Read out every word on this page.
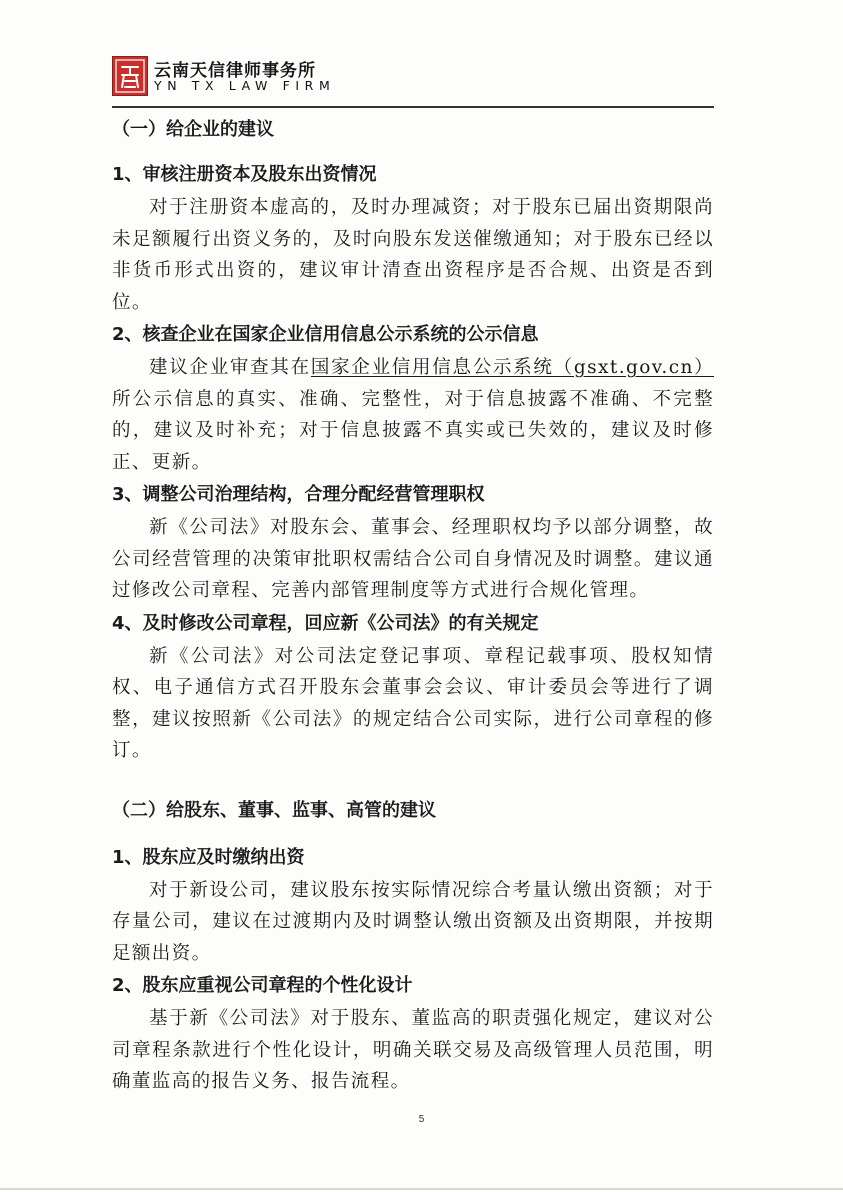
云南天信律师事务所
YN TX LAW FIRM
（一）给企业的建议
1、审核注册资本及股东出资情况

对于注册资本虚高的，及时办理减资；对于股东已届出资期限尚未足额履行出资义务的，及时向股东发送催缴通知；对于股东已经以非货币形式出资的，建议审计清查出资程序是否合规、出资是否到位。

2、核查企业在国家企业信用信息公示系统的公示信息

建议企业审查其在国家企业信用信息公示系统（gsxt.gov.cn）所公示信息的真实、准确、完整性，对于信息披露不准确、不完整的，建议及时补充；对于信息披露不真实或已失效的，建议及时修正、更新。

3、调整公司治理结构，合理分配经营管理职权

新《公司法》对股东会、董事会、经理职权均予以部分调整，故公司经营管理的决策审批职权需结合公司自身情况及时调整。建议通过修改公司章程、完善内部管理制度等方式进行合规化管理。

4、及时修改公司章程，回应新《公司法》的有关规定

新《公司法》对公司法定登记事项、章程记载事项、股权知情权、电子通信方式召开股东会董事会会议、审计委员会等进行了调整，建议按照新《公司法》的规定结合公司实际，进行公司章程的修订。

（二）给股东、董事、监事、高管的建议
1、股东应及时缴纳出资

对于新设公司，建议股东按实际情况综合考量认缴出资额；对于存量公司，建议在过渡期内及时调整认缴出资额及出资期限，并按期足额出资。

2、股东应重视公司章程的个性化设计

基于新《公司法》对于股东、董监高的职责强化规定，建议对公司章程条款进行个性化设计，明确关联交易及高级管理人员范围，明确董监高的报告义务、报告流程。

5
